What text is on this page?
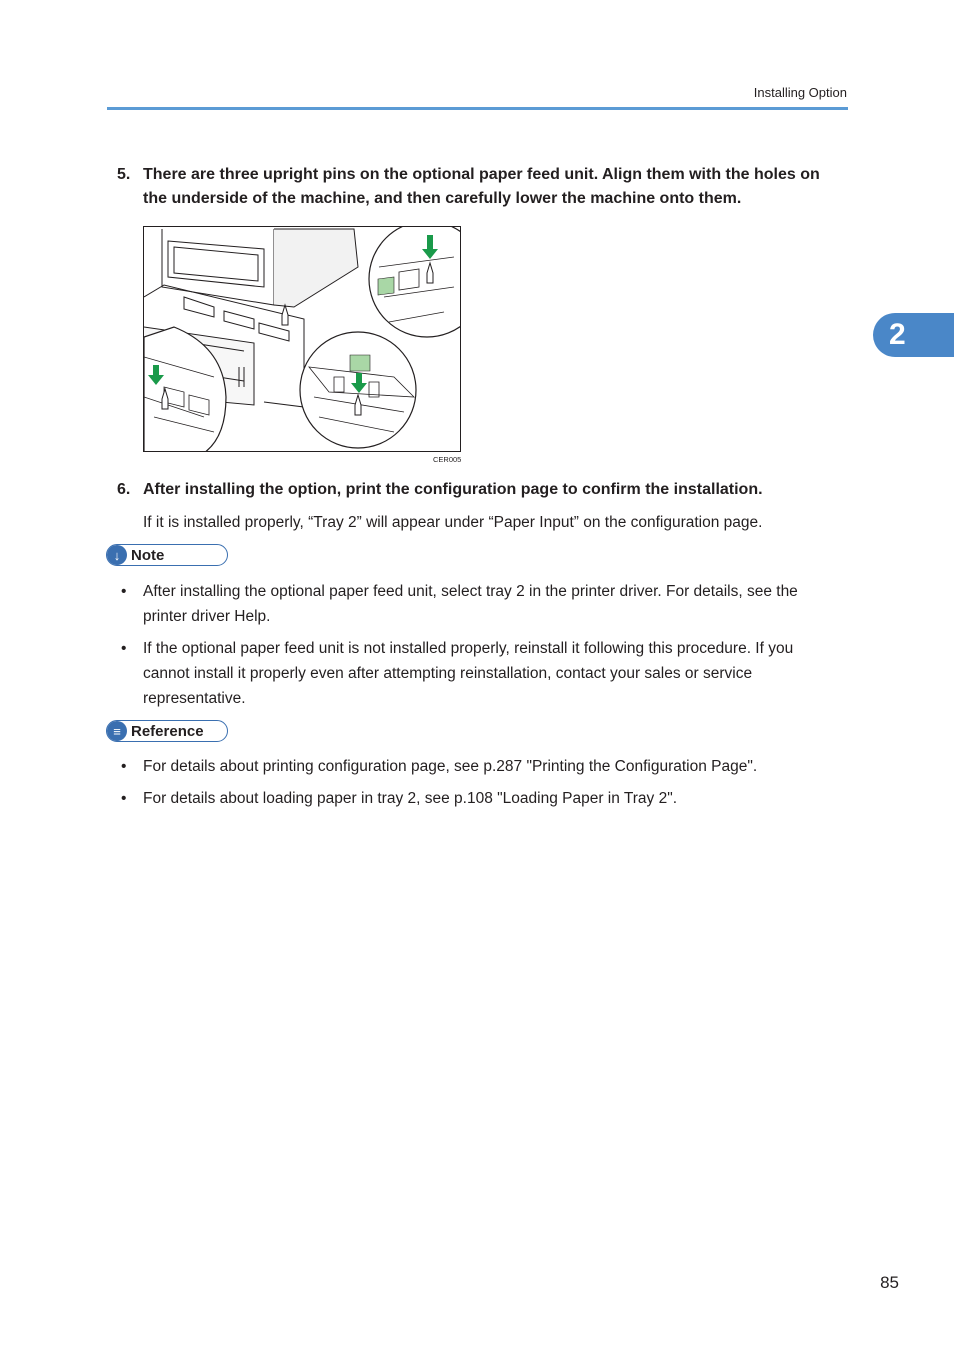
Installing Option
2
5. There are three upright pins on the optional paper feed unit. Align them with the holes on the underside of the machine, and then carefully lower the machine onto them.
CER005
6. After installing the option, print the configuration page to confirm the installation.
If it is installed properly, “Tray 2” will appear under “Paper Input” on the configuration page.
↓ Note
• After installing the optional paper feed unit, select tray 2 in the printer driver. For details, see the printer driver Help.
• If the optional paper feed unit is not installed properly, reinstall it following this procedure. If you cannot install it properly even after attempting reinstallation, contact your sales or service representative.
≡ Reference
• For details about printing configuration page, see p.287 "Printing the Configuration Page".
• For details about loading paper in tray 2, see p.108 "Loading Paper in Tray 2".
85
